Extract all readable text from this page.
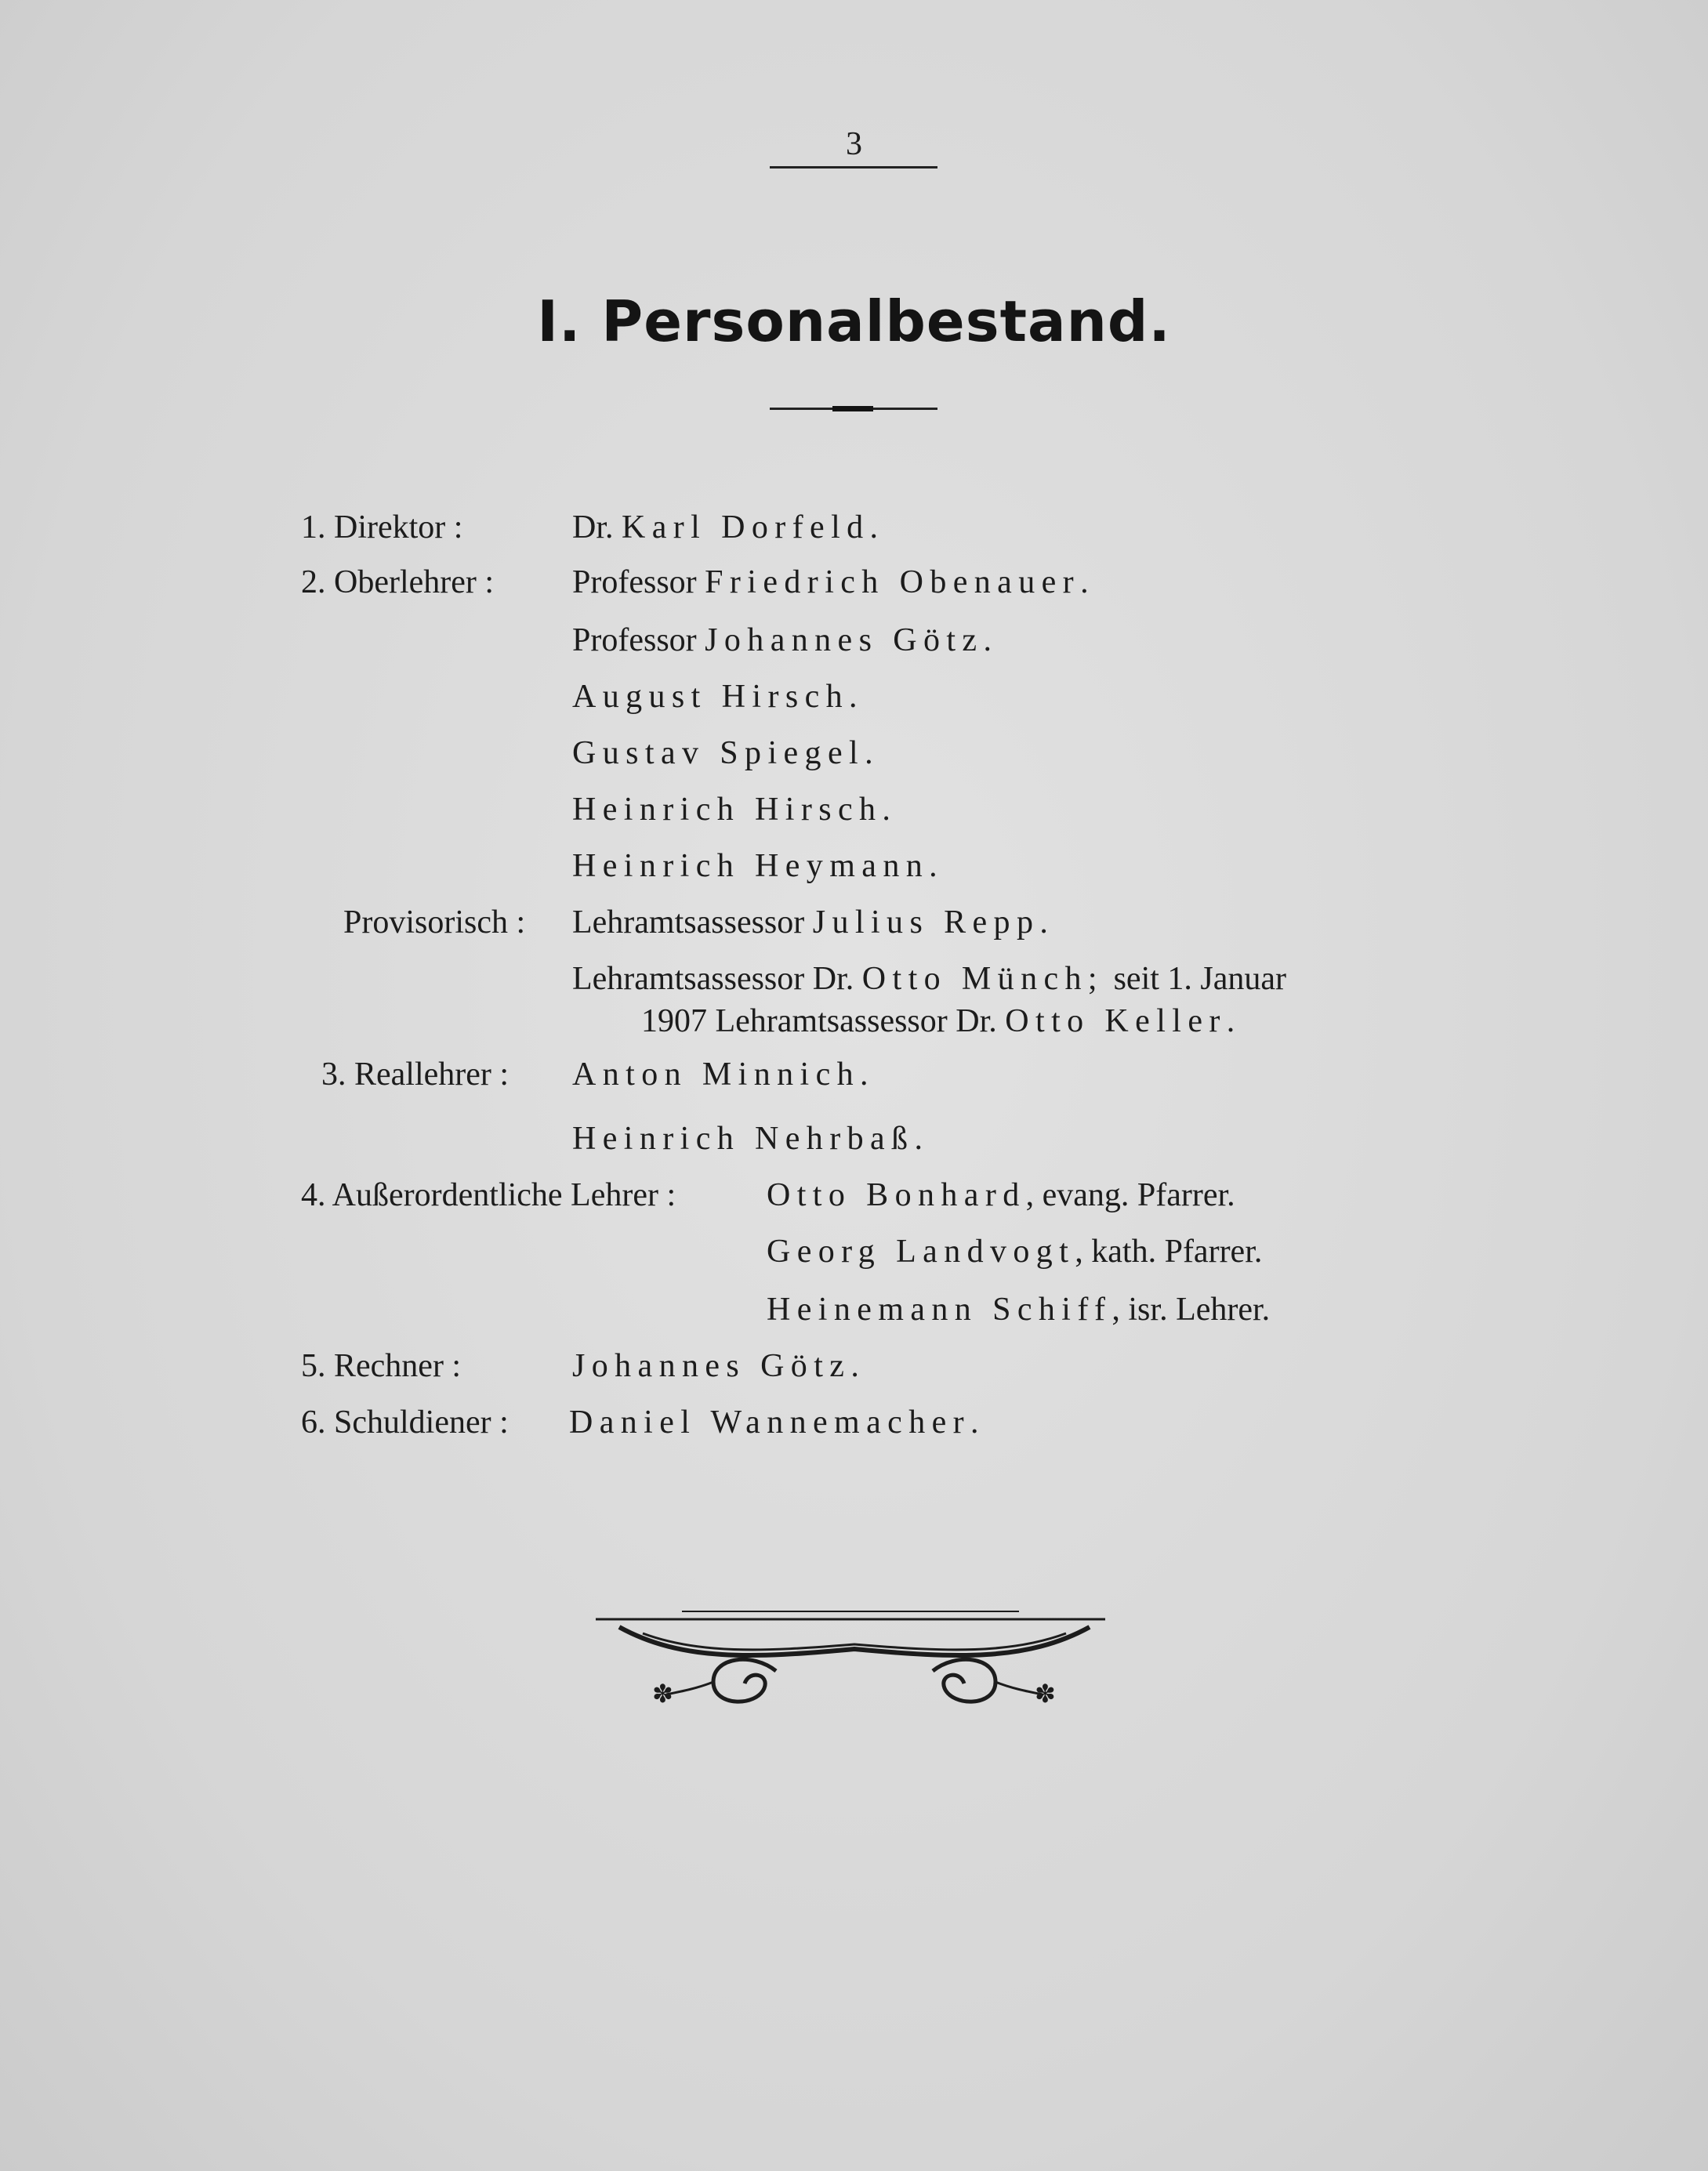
3
I. Personalbestand.
1. Direktor :	Dr. Karl Dorfeld.
2. Oberlehrer : Professor Friedrich Obenauer.
Professor Johannes Götz.
August Hirsch.
Gustav Spiegel.
Heinrich Hirsch.
Heinrich Heymann.
Provisorisch : Lehramtsassessor Julius Repp.
Lehramtsassessor Dr. Otto Münch;  seit 1. Januar
1907 Lehramtsassessor Dr. Otto Keller.
3. Reallehrer : Anton Minnich.
Heinrich Nehrbaß.
4. Außerordentliche Lehrer :	Otto Bonhard, evang. Pfarrer.
Georg Landvogt, kath. Pfarrer.
Heinemann Schiff, isr. Lehrer.
5. Rechner :	Johannes Götz.
6. Schuldiener : Daniel Wannemacher.
✽	✽
